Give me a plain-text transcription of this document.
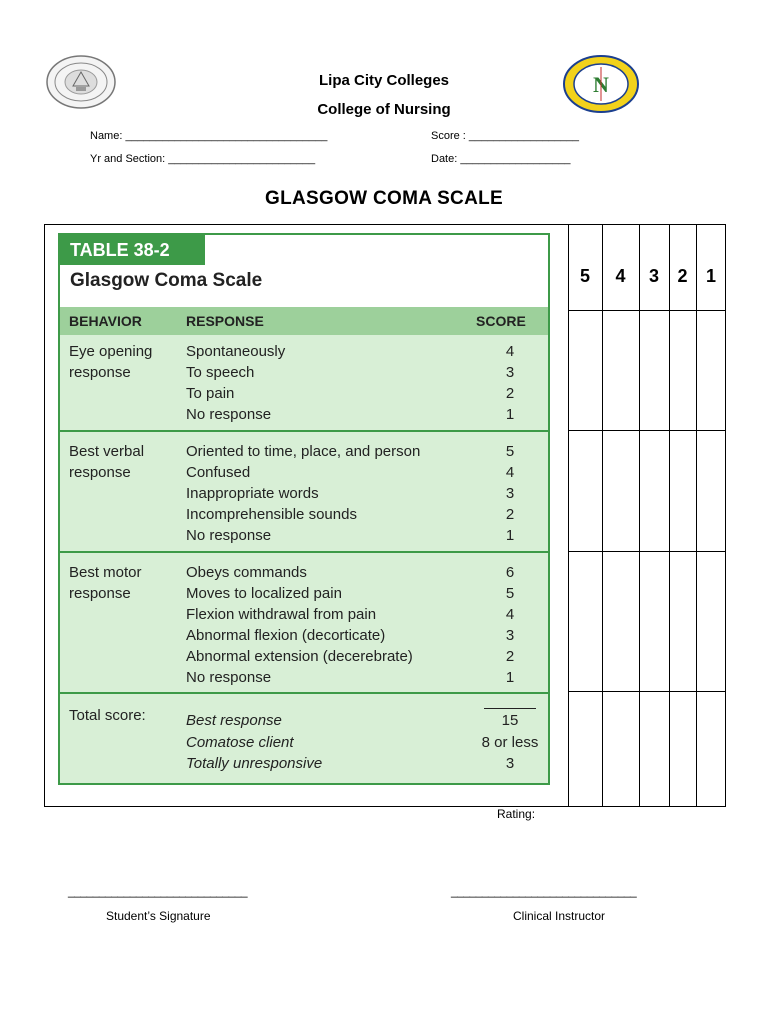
N
Lipa City Colleges
College of Nursing
Name: _________________________________	Score : __________________
Yr and Section: ________________________	Date: __________________
GLASGOW COMA SCALE
TABLE 38-2
Glasgow Coma Scale
BEHAVIOR	RESPONSE	SCORE
Eye opening
response
Spontaneously	4
To speech	3
To pain	2
No response	1
Best verbal
response
Oriented to time, place, and person	5
Confused	4
Inappropriate words	3
Incomprehensible sounds	2
No response	1
Best motor
response
Obeys commands	6
Moves to localized pain	5
Flexion withdrawal from pain	4
Abnormal flexion (decorticate)	3
Abnormal extension (decerebrate)	2
No response	1
Total score:	Best response	15
Comatose client	8 or less
Totally unresponsive	3
5	4	3	2	1
Rating:
_____________________________
Student’s Signature
______________________________
Clinical Instructor
